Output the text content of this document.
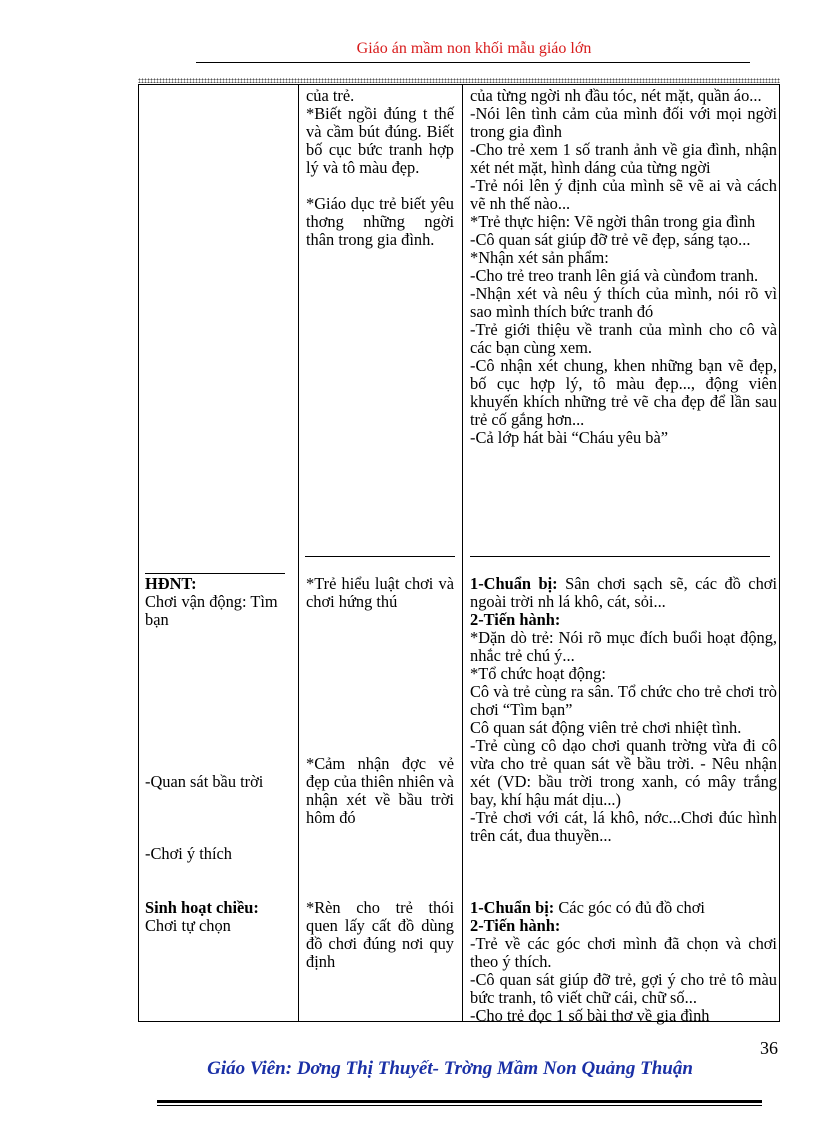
Giáo án mầm non khối mẫu giáo lớn

của trẻ.

*Biết ngồi đúng t thế và cầm bút đúng. Biết bố cục bức tranh hợp lý và tô màu đẹp.

*Giáo dục trẻ biết yêu thơng những ngời thân trong gia đình.

của từng ngời nh đầu tóc, nét mặt, quần áo...

-Nói lên tình cảm của mình đối với mọi ngời trong gia đình

-Cho trẻ xem 1 số tranh ảnh về gia đình, nhận xét nét mặt, hình dáng của từng ngời

-Trẻ nói lên ý định của mình sẽ vẽ ai và cách vẽ nh thế nào...

*Trẻ thực hiện: Vẽ ngời thân trong gia đình

-Cô quan sát giúp đỡ trẻ vẽ đẹp, sáng tạo...

*Nhận xét sản phẩm:

-Cho trẻ treo tranh lên giá và cùnđom tranh.

-Nhận xét và nêu ý thích của mình, nói rõ vì sao mình thích bức tranh đó

-Trẻ giới thiệu về tranh của mình cho cô và các bạn cùng xem.

-Cô nhận xét chung, khen những bạn vẽ đẹp, bố cục hợp lý, tô màu đẹp..., động viên khuyến khích những trẻ vẽ cha đẹp để lần sau trẻ cố gắng hơn...

-Cả lớp hát bài “Cháu yêu bà”

HĐNT:

Chơi vận động: Tìm bạn

-Quan sát bầu trời
-Chơi ý thích
*Trẻ hiểu luật chơi và chơi hứng thú
*Cảm nhận đợc vẻ đẹp của thiên nhiên và nhận xét về bầu trời hôm đó

1-Chuẩn bị: Sân chơi sạch sẽ, các đồ chơi ngoài trời nh lá khô, cát, sỏi...

2-Tiến hành:

*Dặn dò trẻ: Nói rõ mục đích buổi hoạt động, nhắc trẻ chú ý...

*Tổ chức hoạt động:

Cô và trẻ cùng ra sân. Tổ chức cho trẻ chơi trò chơi “Tìm bạn”

Cô quan sát động viên trẻ chơi nhiệt tình.

-Trẻ cùng cô dạo chơi quanh trờng vừa đi cô vừa cho trẻ quan sát về bầu trời. - Nêu nhận xét (VD: bầu trời trong xanh, có mây trắng bay, khí hậu mát dịu...)

-Trẻ chơi với cát, lá khô, nớc...Chơi đúc hình trên cát, đua thuyền...

Sinh hoạt chiều:

Chơi tự chọn

*Rèn cho trẻ thói quen lấy cất đồ dùng đồ chơi đúng nơi quy định

1-Chuẩn bị: Các góc có đủ đồ chơi

2-Tiến hành:

-Trẻ về các góc chơi mình đã chọn và chơi theo ý thích.

-Cô quan sát giúp đỡ trẻ, gợi ý cho trẻ tô màu bức tranh, tô viết chữ cái, chữ số...

-Cho trẻ đọc 1 số bài thơ về gia đình

36
Giáo Viên: Dơng Thị Thuyết- Trờng Mầm Non Quảng Thuận
